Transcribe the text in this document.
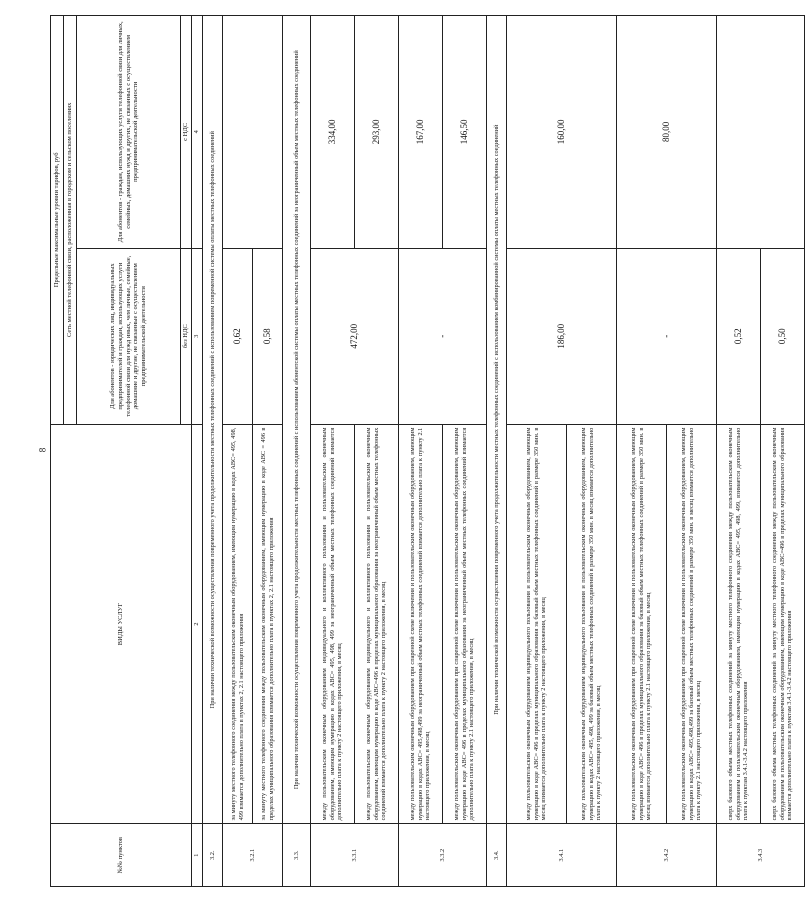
8
№№ пунктов	ВИДЫ УСЛУГ	Предельные максимальные уровни тарифов, руб	
		Сеть местной телефонной связи, расположенная в городском и сельском поселениях	
		Для абонентов - юридических лиц, индивидуальных предпринимателей и граждан, использующих услуги телефонной связи для нужд иных, чем личные, семейные, домашние и другие, не связанные с осуществлением предпринимательской деятельности	Для абонентов - граждан, использующих услуги телефонной связи для личных, семейных, домашних нужд и других, не связанных с осуществлением предпринимательской деятельности
		без НДС	с НДС
1	2	3	4
3.2.	При наличии технической возможности осуществления повременного учета продолжительности местных телефонных соединений с использованием повременной системы оплаты местных телефонных соединений		
3.2.1	за минуту местного телефонного соединения между пользовательским оконечным оборудованием, имеющим нумерацию в кодах АВС= 495, 498, 499 взимается дополнительно плата в пунктах 2, 2.1 настоящего приложения	0,62	
	за минуту местного телефонного соединения между пользовательским оконечным оборудованием, имеющим нумерацию в коде АВС = 496 в пределах муниципального образования взимается дополнительно плата в пунктах 2, 2.1 настоящего приложения	0,58	
3.3.	При наличии технической возможности осуществления повременного учета продолжительности местных телефонных соединений с использованием абонентской системы оплаты местных телефонных соединений за неограниченный объем местных телефонных соединений		
3.3.1	между пользовательским оконечным оборудованием индивидуального и коллективного пользования и пользовательским оконечным оборудованием, имеющим нумерацию в кодах АВС= 495, 498, 499 за неограниченный объем местных телефонных соединений взимается дополнительно плата к пункту 2 настоящего приложения, в месяц	472,00	334,00
	между пользовательским оконечным оборудованием индивидуального и коллективного пользования и пользовательским оконечным оборудованием, имеющим нумерацию в коде АВС=496 в пределах муниципального образования за неограниченный объем местных телефонных соединений взимается дополнительно плата к пункту 2 настоящего приложения, в месяц		293,00
3.3.2	между пользовательским оконечным оборудованием при спаренной схеме включения и пользовательским оконечным оборудованием, имеющим нумерацию в кодах АВС= 495,498,499 за неограниченный объем местных телефонных соединений взимается дополнительно плата к пункту 2.1 настоящего приложения, в месяц	-	167,00
	между пользовательским оконечным оборудованием при спаренной схеме включения и пользовательским оконечным оборудованием, имеющим нумерацию в коде АВС= 496 в пределах муниципального образования за неограниченный объем местных телефонных соединений взимается дополнительно плата к пункту 2.1 настоящего приложения, в месяц		146,50
3.4.	При наличии технической возможности осуществления повременного учета продолжительности местных телефонных соединений с использованием комбинированной системы оплаты местных телефонных соединений		
3.4.1	между пользовательским оконечным оборудованием индивидуального пользования и пользовательским оконечным оборудованием, имеющим нумерацию в коде АВС= 496 в пределах муниципального образования за базовый объем местных телефонных соединений в размере 350 мин. в месяц взимается дополнительно плата к пункту 2 настоящего приложения, в месяц	186,00	160,00
	между пользовательским оконечным оборудованием индивидуального пользования и пользовательским оконечным оборудованием, имеющим нумерацию в кодах АВС= 495, 498, 499 за базовый объем местных телефонных соединений в размере 350 мин. в месяц взимается дополнительно плата к пункту 2 настоящего приложения, в месяц		
3.4.2	между пользовательским оконечным оборудованием при спаренной схеме включения и пользовательским оконечным оборудованием, имеющим нумерацию в коде АВС= 496 в пределах муниципального образования за базовый объем местных телефонных соединений в размере 350 мин. в месяц взимается дополнительно плата к пункту 2.1 настоящего приложения, в месяц	-	80,00
	между пользовательским оконечным оборудованием при спаренной схеме включения и пользовательским оконечным оборудованием, имеющим нумерацию в кодах АВС= 495,498,499 за базовый объем местных телефонных соединений в размере 350 мин. в месяц взимается дополнительно плата к пункту 2.1 настоящего приложения, в месяц		
3.4.3	сверх базового объема местных телефонных соединений за минуту местного телефонного соединения между пользовательским оконечным оборудованием и пользовательским оконечным оборудованием, имеющим нумерацию в кодах АВС= 495, 498, 499, взимается дополнительно плата к пунктам 3.4.1-3.4.2 настоящего приложения	0,52	
	сверх базового объема местных телефонных соединений за минуту местного телефонного соединения между пользовательским оконечным оборудованием и пользовательским оконечным оборудованием, имеющим нумерацию в коде АВС=496 в пределах муниципального образования взимается дополнительно плата к пунктам 3.4.1-3.4.2 настоящего приложения	0,50	
